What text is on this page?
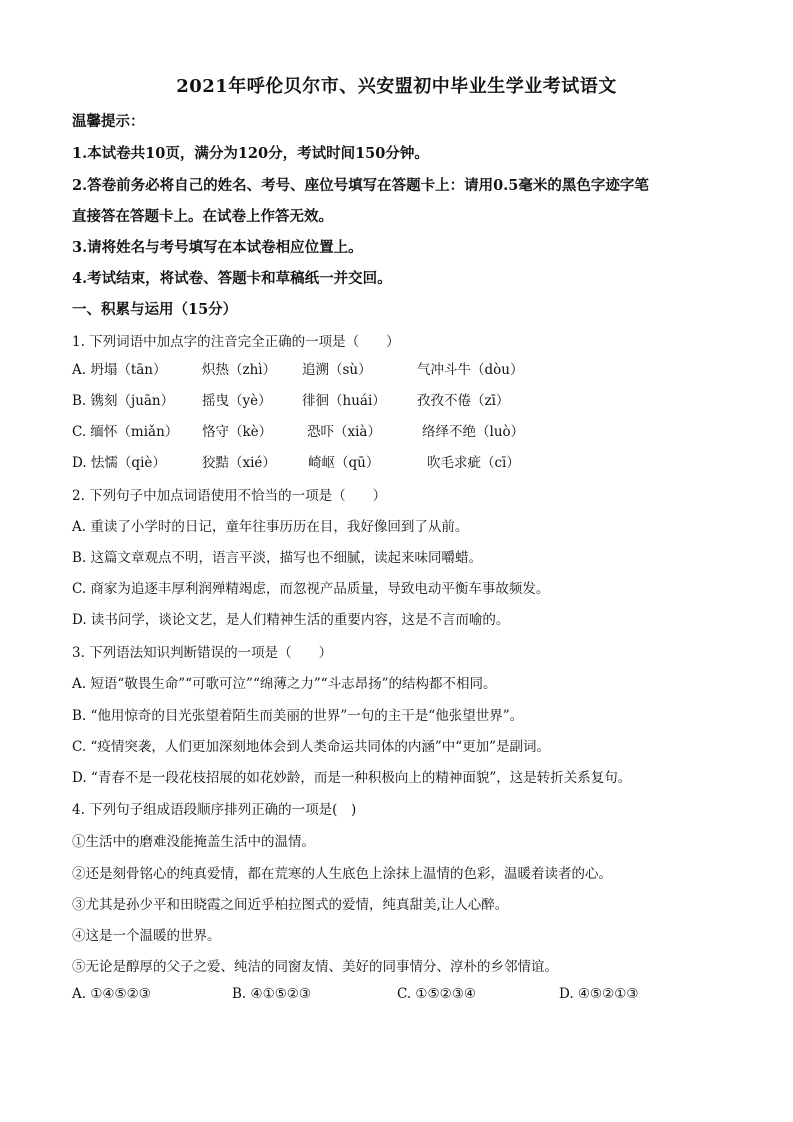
2021年呼伦贝尔市、兴安盟初中毕业生学业考试语文
温馨提示：
1.本试卷共10页，满分为120分，考试时间150分钟。
2.答卷前务必将自己的姓名、考号、座位号填写在答题卡上：请用0.5毫米的黑色字迹字笔
直接答在答题卡上。在试卷上作答无效。
3.请将姓名与考号填写在本试卷相应位置上。
4.考试结束，将试卷、答题卡和草稿纸一并交回。
一、积累与运用（15分）
1. 下列词语中加点字的注音完全正确的一项是（　　）
A. 坍塌（tān）	炽热（zhì） 追溯（sù）	气冲斗牛（dòu）
B. 镌刻（juān） 摇曳（yè） 徘徊（huái） 孜孜不倦（zī）
C. 缅怀（miǎn） 恪守（kè）	恐吓（xià）	络绎不绝（luò）
D. 怯懦（qiè）	狡黠（xié） 崎岖（qū）	吹毛求疵（cī）
2. 下列句子中加点词语使用不恰当的一项是（　　）
A. 重读了小学时的日记，童年往事历历在目，我好像回到了从前。
B. 这篇文章观点不明，语言平淡，描写也不细腻，读起来味同嚼蜡。
C. 商家为追逐丰厚利润殚精竭虑，而忽视产品质量，导致电动平衡车事故频发。
D. 读书问学，谈论文艺，是人们精神生活的重要内容，这是不言而喻的。
3. 下列语法知识判断错误的一项是（　　）
A. 短语“敬畏生命”“可歌可泣”“绵薄之力”“斗志昂扬”的结构都不相同。
B. “他用惊奇的目光张望着陌生而美丽的世界”一句的主干是“他张望世界”。
C. “疫情突袭，人们更加深刻地体会到人类命运共同体的内涵”中“更加”是副词。
D. “青春不是一段花枝招展的如花妙龄，而是一种积极向上的精神面貌”，这是转折关系复句。
4. 下列句子组成语段顺序排列正确的一项是(　)
①生活中的磨难没能掩盖生活中的温情。
②还是刻骨铭心的纯真爱情，都在荒寒的人生底色上涂抹上温情的色彩，温暖着读者的心。
③尤其是孙少平和田晓霞之间近乎柏拉图式的爱情，纯真甜美,让人心醉。
④这是一个温暖的世界。
⑤无论是醇厚的父子之爱、纯洁的同窗友情、美好的同事情分、淳朴的乡邻情谊。
A. ①④⑤②③	B. ④①⑤②③	C. ①⑤②③④	D. ④⑤②①③
